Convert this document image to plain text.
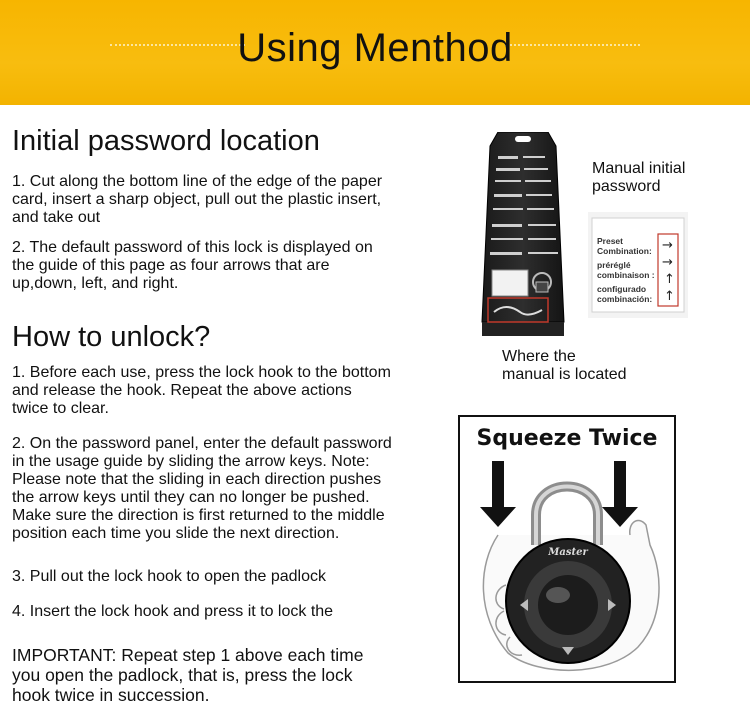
Using Menthod
Initial password location
1. Cut along the bottom line of the edge of the paper
card, insert a sharp object, pull out the plastic insert,
and take out
2. The default password of this lock is displayed on
the guide of this page as four arrows that are
up,down, left, and right.
How to unlock?
1. Before each use, press the lock hook to the bottom
and release the hook. Repeat the above actions
twice to clear.
2. On the password panel, enter the default password
in the usage guide by sliding the arrow keys. Note:
Please note that the sliding in each direction pushes
the arrow keys until they can no longer be pushed.
Make sure the direction is first returned to the middle
position each time you slide the next direction.
3. Pull out the lock hook to open the padlock
4. Insert the lock hook and press it to lock the
IMPORTANT: Repeat step 1 above each time
you open the padlock, that is, press the lock
hook twice in succession.
Manual initial
password
Preset
Combination:
préréglé
combinaison :
configurado
combinación:
→
→
↑
↑
Where the
manual is located
Squeeze Twice
Master
